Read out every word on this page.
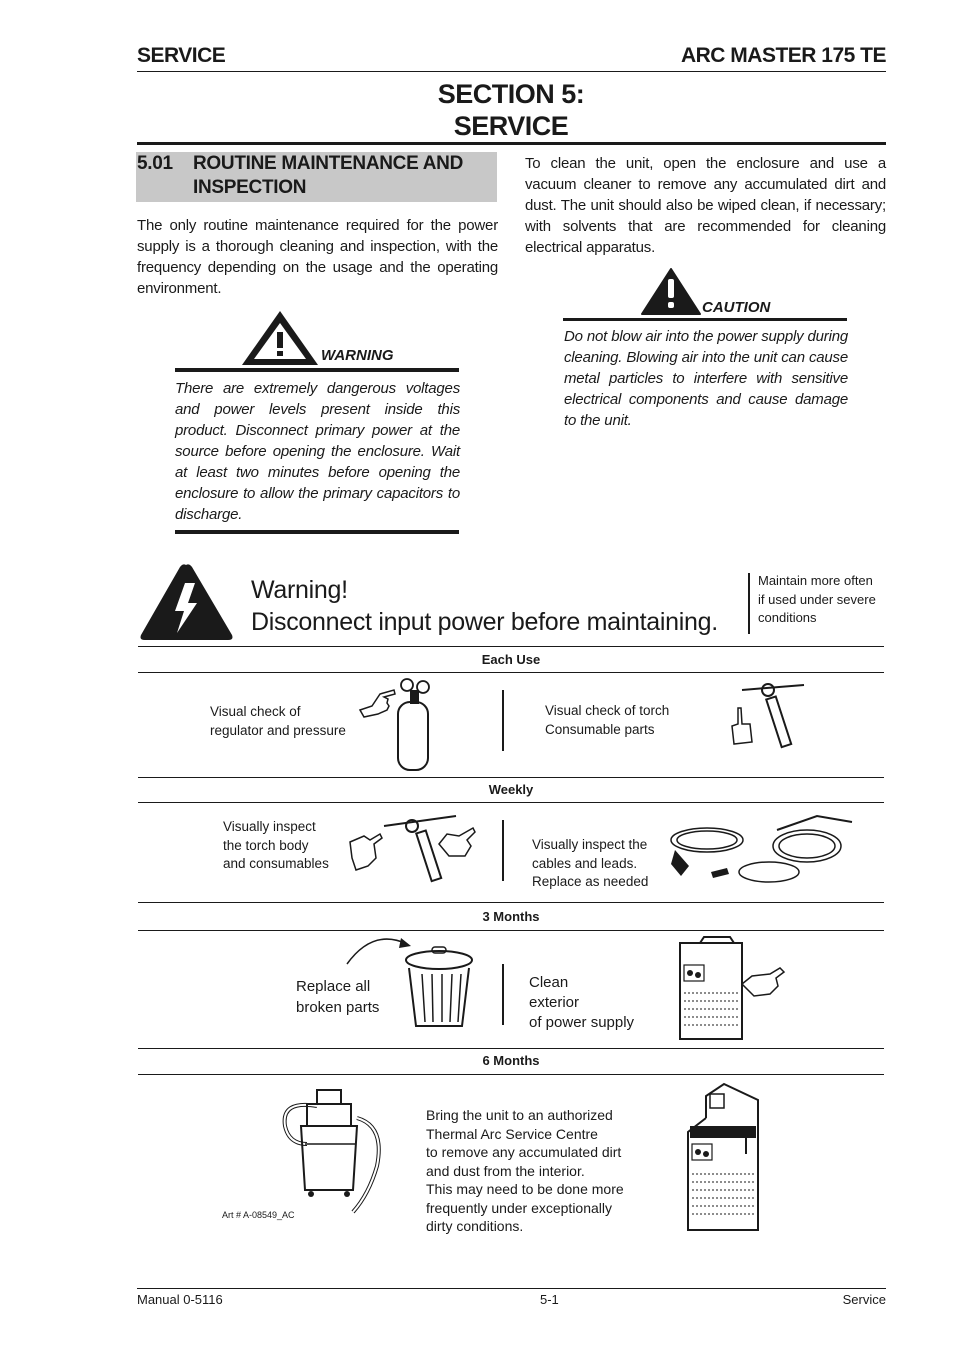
SERVICE	ARC MASTER 175 TE
SECTION 5:
SERVICE
5.01 ROUTINE MAINTENANCE AND
INSPECTION
The only routine maintenance required for the power supply is a thorough cleaning and inspection, with the frequency depending on the usage and the operating environment.
To clean the unit, open the enclosure and use a vacuum cleaner to remove any accumulated dirt and dust. The unit should also be wiped clean, if necessary; with solvents that are recommended for cleaning electrical apparatus.
WARNING
There are extremely dangerous voltages and power levels present inside this product. Disconnect primary power at the source before opening the enclosure. Wait at least two minutes before opening the enclosure to allow the primary capacitors to discharge.
CAUTION
Do not blow air into the power supply during cleaning. Blowing air into the unit can cause metal particles to interfere with sensitive electrical components and cause damage to the unit.
Warning!
Disconnect input power before maintaining.
Maintain more often
if used under severe
conditions
Each Use
Visual check of
regulator and pressure
Visual check of torch
Consumable parts
Weekly
Visually inspect
the torch body
and consumables
Visually inspect the
cables and leads.
Replace as needed
3 Months
Replace all
broken parts
Clean
exterior
of power supply
6 Months
Art # A-08549_AC
Bring the unit to an authorized
Thermal Arc Service Centre
to remove any accumulated dirt
and dust from the interior.
This may need to be done more
frequently under exceptionally
dirty conditions.
Manual 0-5116	5-1	Service
